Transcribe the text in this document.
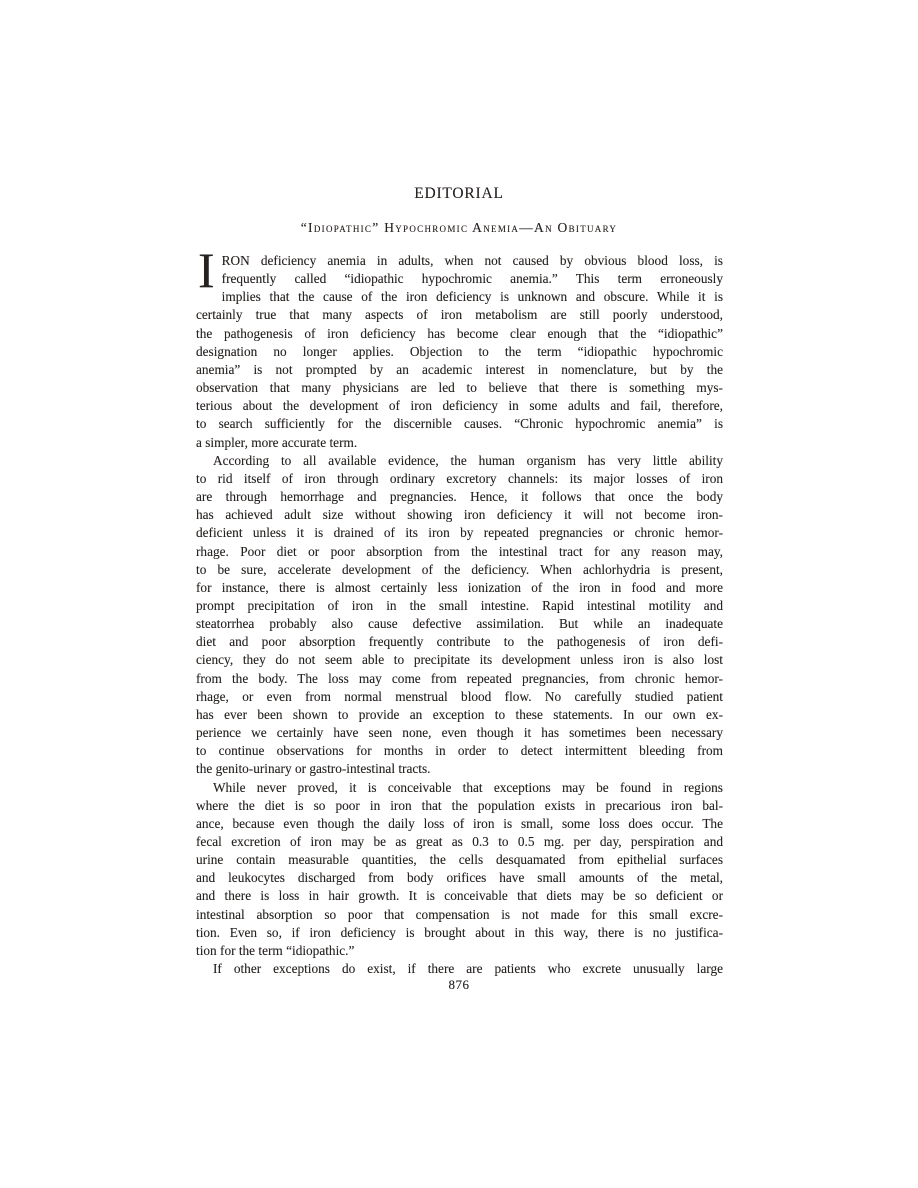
EDITORIAL
“Idiopathic” Hypochromic Anemia—An Obituary
I RON deficiency anemia in adults, when not caused by obvious blood loss, is
frequently called “idiopathic hypochromic anemia.” This term erroneously
implies that the cause of the iron deficiency is unknown and obscure. While it is
certainly true that many aspects of iron metabolism are still poorly understood,
the pathogenesis of iron deficiency has become clear enough that the “idiopathic”
designation no longer applies. Objection to the term “idiopathic hypochromic
anemia” is not prompted by an academic interest in nomenclature, but by the
observation that many physicians are led to believe that there is something mys-
terious about the development of iron deficiency in some adults and fail, therefore,
to search sufficiently for the discernible causes. “Chronic hypochromic anemia” is
a simpler, more accurate term.
According to all available evidence, the human organism has very little ability
to rid itself of iron through ordinary excretory channels: its major losses of iron
are through hemorrhage and pregnancies. Hence, it follows that once the body
has achieved adult size without showing iron deficiency it will not become iron-
deficient unless it is drained of its iron by repeated pregnancies or chronic hemor-
rhage. Poor diet or poor absorption from the intestinal tract for any reason may,
to be sure, accelerate development of the deficiency. When achlorhydria is present,
for instance, there is almost certainly less ionization of the iron in food and more
prompt precipitation of iron in the small intestine. Rapid intestinal motility and
steatorrhea probably also cause defective assimilation. But while an inadequate
diet and poor absorption frequently contribute to the pathogenesis of iron defi-
ciency, they do not seem able to precipitate its development unless iron is also lost
from the body. The loss may come from repeated pregnancies, from chronic hemor-
rhage, or even from normal menstrual blood flow. No carefully studied patient
has ever been shown to provide an exception to these statements. In our own ex-
perience we certainly have seen none, even though it has sometimes been necessary
to continue observations for months in order to detect intermittent bleeding from
the genito-urinary or gastro-intestinal tracts.
While never proved, it is conceivable that exceptions may be found in regions
where the diet is so poor in iron that the population exists in precarious iron bal-
ance, because even though the daily loss of iron is small, some loss does occur. The
fecal excretion of iron may be as great as 0.3 to 0.5 mg. per day, perspiration and
urine contain measurable quantities, the cells desquamated from epithelial surfaces
and leukocytes discharged from body orifices have small amounts of the metal,
and there is loss in hair growth. It is conceivable that diets may be so deficient or
intestinal absorption so poor that compensation is not made for this small excre-
tion. Even so, if iron deficiency is brought about in this way, there is no justifica-
tion for the term “idiopathic.”
If other exceptions do exist, if there are patients who excrete unusually large
876
